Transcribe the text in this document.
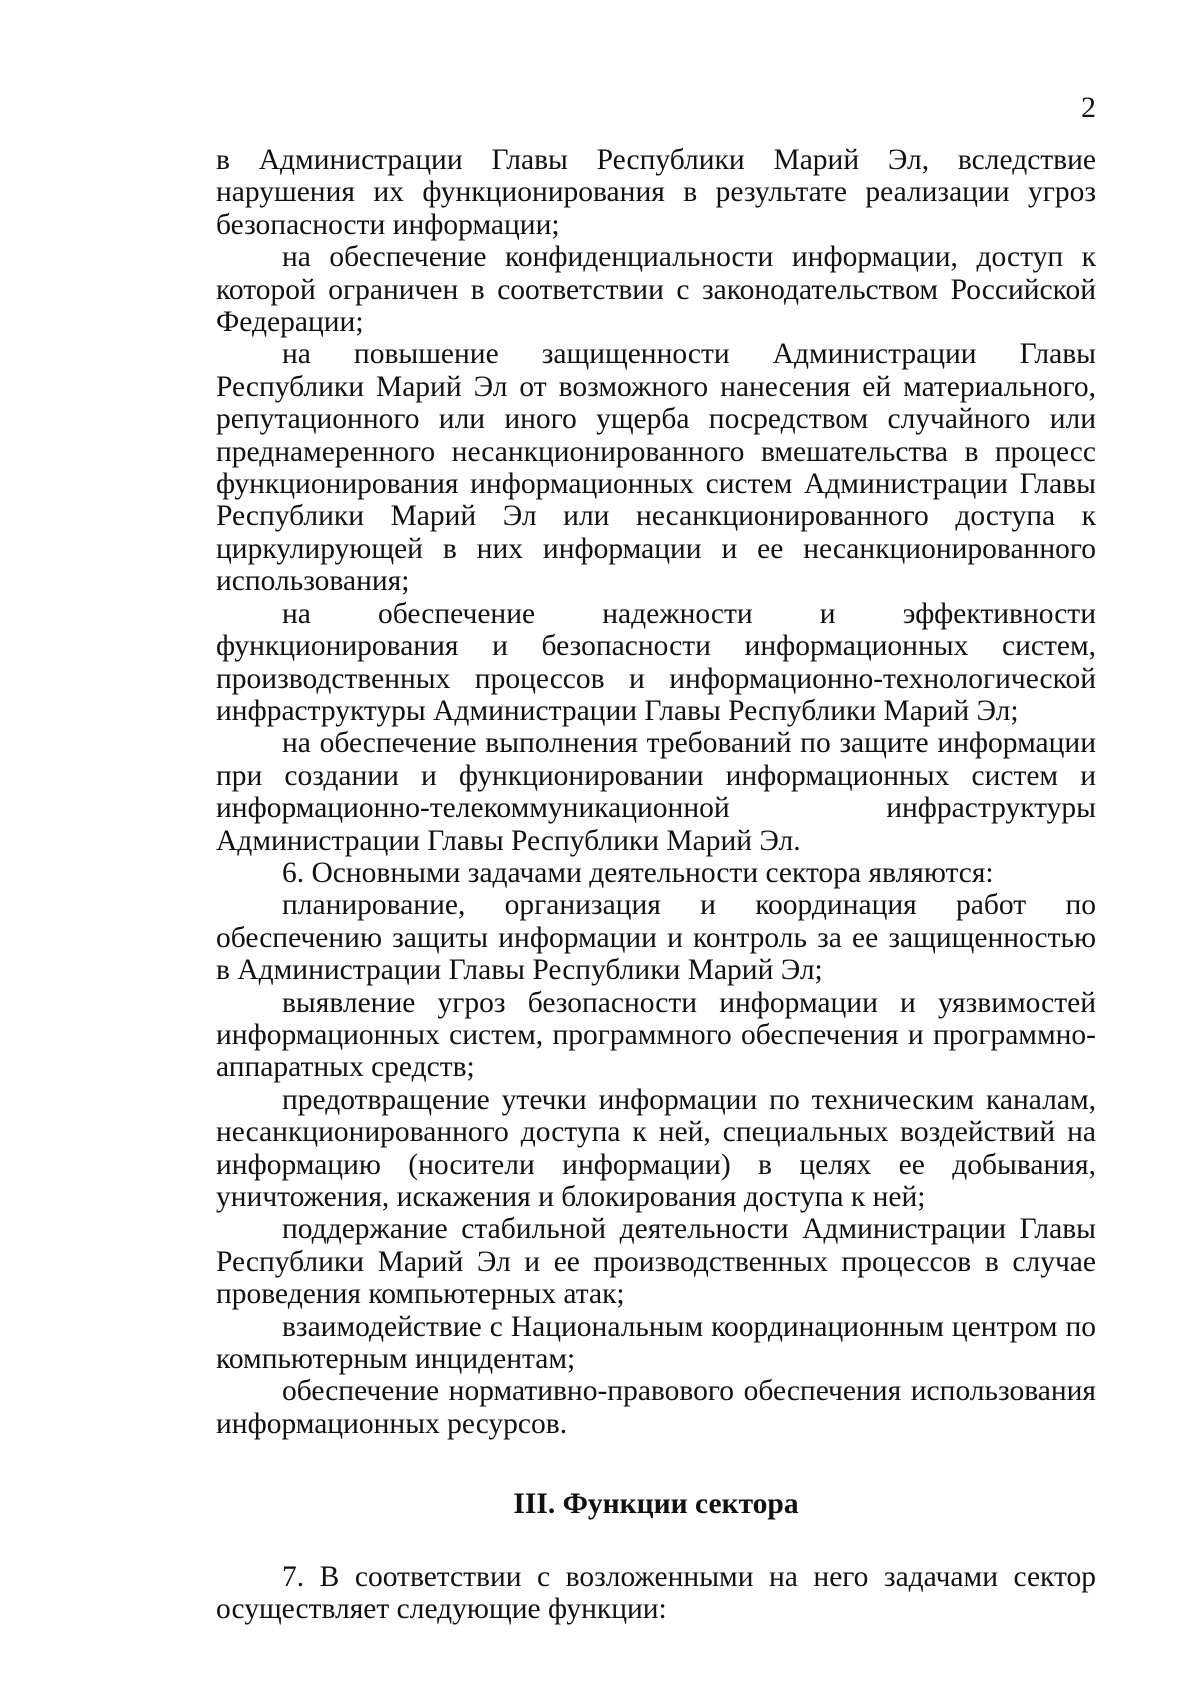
2

в Администрации Главы Республики Марий Эл, вследствие нарушения их функционирования в результате реализации угроз безопасности информации;

на обеспечение конфиденциальности информации, доступ к которой ограничен в соответствии с законодательством Российской Федерации;

на повышение защищенности Администрации Главы Республики Марий Эл от возможного нанесения ей материального, репутационного или иного ущерба посредством случайного или преднамеренного несанкционированного вмешательства в процесс функционирования информационных систем Администрации Главы Республики Марий Эл или несанкционированного доступа к циркулирующей в них информации и ее несанкционированного использования;

на обеспечение надежности и эффективности функционирования и безопасности информационных систем, производственных процессов и информационно-технологической инфраструктуры Администрации Главы Республики Марий Эл;

на обеспечение выполнения требований по защите информации при создании и функционировании информационных систем и информационно-телекоммуникационной инфраструктуры Администрации Главы Республики Марий Эл.

6. Основными задачами деятельности сектора являются:

планирование, организация и координация работ по обеспечению защиты информации и контроль за ее защищенностью в Администрации Главы Республики Марий Эл;

выявление угроз безопасности информации и уязвимостей информационных систем, программного обеспечения и программно-аппаратных средств;

предотвращение утечки информации по техническим каналам, несанкционированного доступа к ней, специальных воздействий на информацию (носители информации) в целях ее добывания, уничтожения, искажения и блокирования доступа к ней;

поддержание стабильной деятельности Администрации Главы Республики Марий Эл и ее производственных процессов в случае проведения компьютерных атак;

взаимодействие с Национальным координационным центром по компьютерным инцидентам;

обеспечение нормативно-правового обеспечения использования информационных ресурсов.

III. Функции сектора

7. В соответствии с возложенными на него задачами сектор осуществляет следующие функции:
